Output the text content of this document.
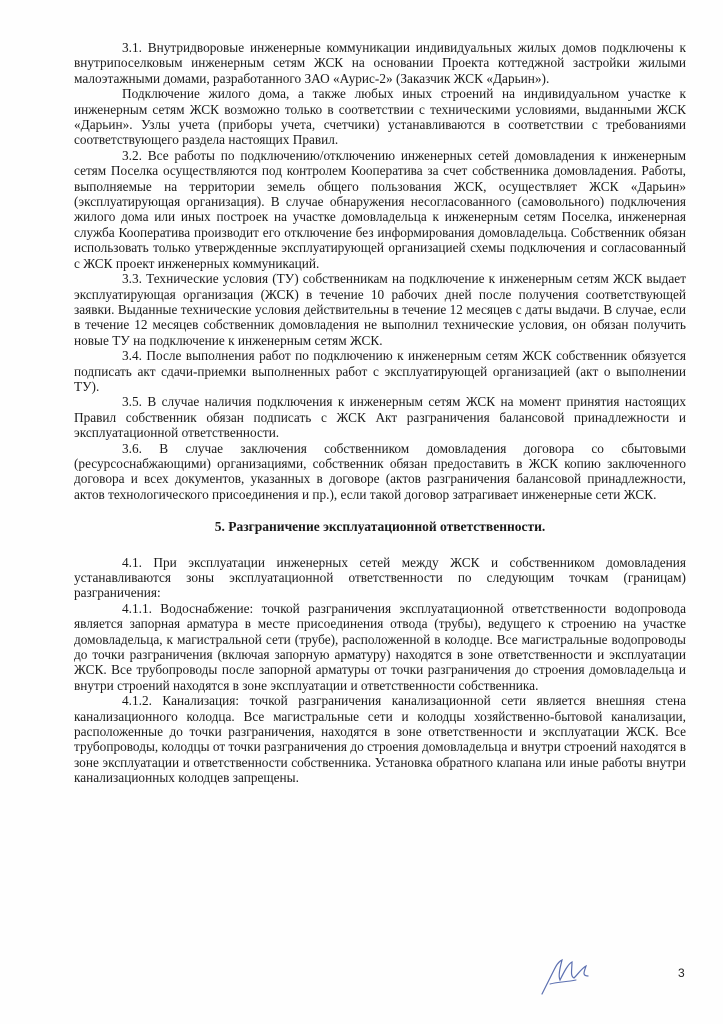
3.1. Внутридворовые инженерные коммуникации индивидуальных жилых домов подключены к внутрипоселковым инженерным сетям ЖСК на основании Проекта коттеджной застройки жилыми малоэтажными домами, разработанного ЗАО «Аурис-2» (Заказчик ЖСК «Дарьин»).

Подключение жилого дома, а также любых иных строений на индивидуальном участке к инженерным сетям ЖСК возможно только в соответствии с техническими условиями, выданными ЖСК «Дарьин». Узлы учета (приборы учета, счетчики) устанавливаются в соответствии с требованиями соответствующего раздела настоящих Правил.

3.2. Все работы по подключению/отключению инженерных сетей домовладения к инженерным сетям Поселка осуществляются под контролем Кооператива за счет собственника домовладения. Работы, выполняемые на территории земель общего пользования ЖСК, осуществляет ЖСК «Дарьин» (эксплуатирующая организация). В случае обнаружения несогласованного (самовольного) подключения жилого дома или иных построек на участке домовладельца к инженерным сетям Поселка, инженерная служба Кооператива производит его отключение без информирования домовладельца. Собственник обязан использовать только утвержденные эксплуатирующей организацией схемы подключения и согласованный с ЖСК проект инженерных коммуникаций.

3.3. Технические условия (ТУ) собственникам на подключение к инженерным сетям ЖСК выдает эксплуатирующая организация (ЖСК) в течение 10 рабочих дней после получения соответствующей заявки. Выданные технические условия действительны в течение 12 месяцев с даты выдачи. В случае, если в течение 12 месяцев собственник домовладения не выполнил технические условия, он обязан получить новые ТУ на подключение к инженерным сетям ЖСК.

3.4. После выполнения работ по подключению к инженерным сетям ЖСК собственник обязуется подписать акт сдачи-приемки выполненных работ с эксплуатирующей организацией (акт о выполнении ТУ).

3.5. В случае наличия подключения к инженерным сетям ЖСК на момент принятия настоящих Правил собственник обязан подписать с ЖСК Акт разграничения балансовой принадлежности и эксплуатационной ответственности.

3.6. В случае заключения собственником домовладения договора со сбытовыми (ресурсоснабжающими) организациями, собственник обязан предоставить в ЖСК копию заключенного договора и всех документов, указанных в договоре (актов разграничения балансовой принадлежности, актов технологического присоединения и пр.), если такой договор затрагивает инженерные сети ЖСК.

5. Разграничение эксплуатационной ответственности.

4.1. При эксплуатации инженерных сетей между ЖСК и собственником домовладения устанавливаются зоны эксплуатационной ответственности по следующим точкам (границам) разграничения:

4.1.1. Водоснабжение: точкой разграничения эксплуатационной ответственности водопровода является запорная арматура в месте присоединения отвода (трубы), ведущего к строению на участке домовладельца, к магистральной сети (трубе), расположенной в колодце. Все магистральные водопроводы до точки разграничения (включая запорную арматуру) находятся в зоне ответственности и эксплуатации ЖСК. Все трубопроводы после запорной арматуры от точки разграничения до строения домовладельца и внутри строений находятся в зоне эксплуатации и ответственности собственника.

4.1.2. Канализация: точкой разграничения канализационной сети является внешняя стена канализационного колодца. Все магистральные сети и колодцы хозяйственно-бытовой канализации, расположенные до точки разграничения, находятся в зоне ответственности и эксплуатации ЖСК. Все трубопроводы, колодцы от точки разграничения до строения домовладельца и внутри строений находятся в зоне эксплуатации и ответственности собственника. Установка обратного клапана или иные работы внутри канализационных колодцев запрещены.

3
